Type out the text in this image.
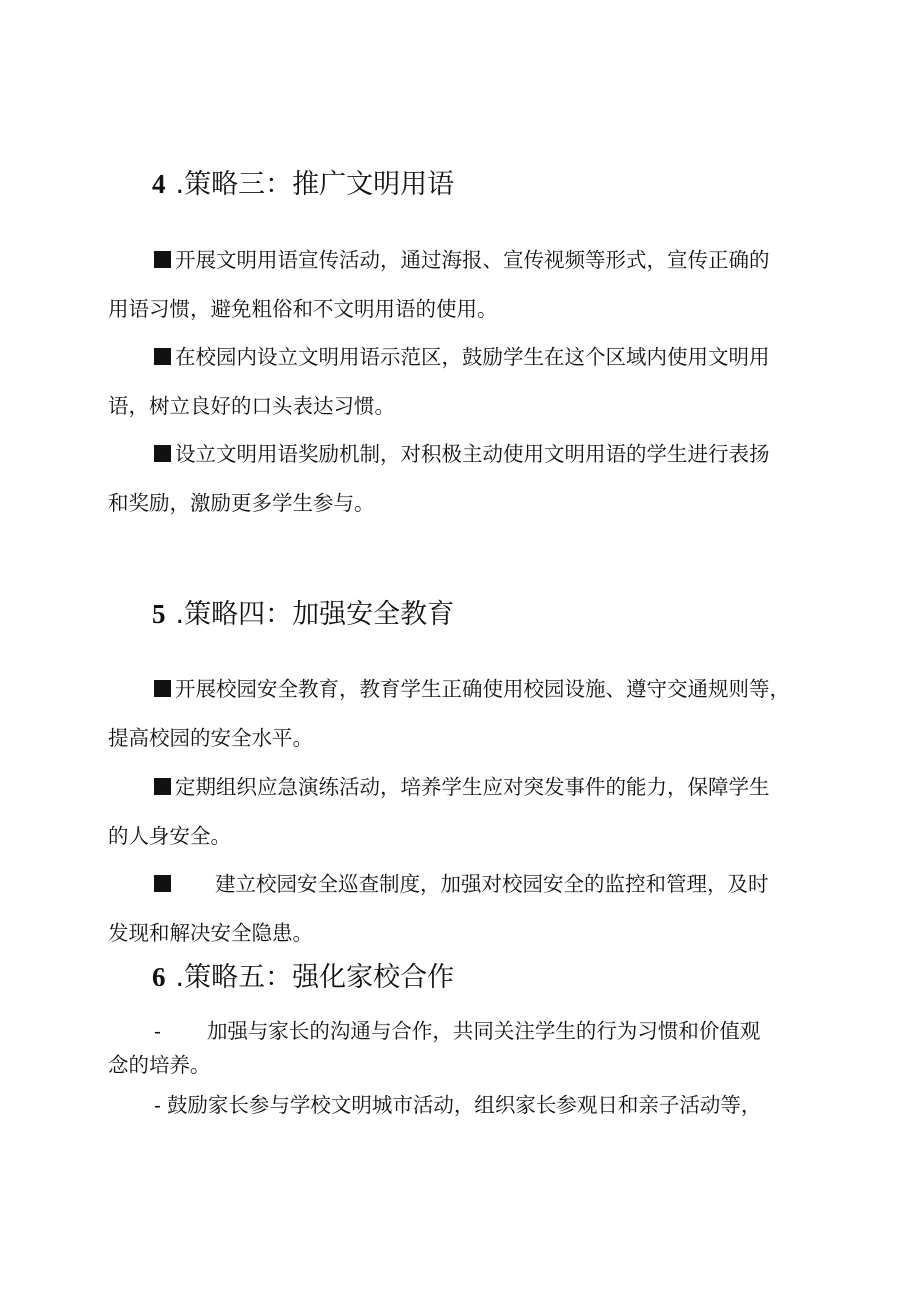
4 .策略三：推广文明用语
开展文明用语宣传活动，通过海报、宣传视频等形式，宣传正确的
用语习惯，避免粗俗和不文明用语的使用。
在校园内设立文明用语示范区，鼓励学生在这个区域内使用文明用
语，树立良好的口头表达习惯。
设立文明用语奖励机制，对积极主动使用文明用语的学生进行表扬
和奖励，激励更多学生参与。
5 .策略四：加强安全教育
开展校园安全教育，教育学生正确使用校园设施、遵守交通规则等，
提高校园的安全水平。
定期组织应急演练活动，培养学生应对突发事件的能力，保障学生
的人身安全。
建立校园安全巡查制度，加强对校园安全的监控和管理，及时
发现和解决安全隐患。
6 .策略五：强化家校合作
- 加强与家长的沟通与合作，共同关注学生的行为习惯和价值观
念的培养。
- 鼓励家长参与学校文明城市活动，组织家长参观日和亲子活动等，
